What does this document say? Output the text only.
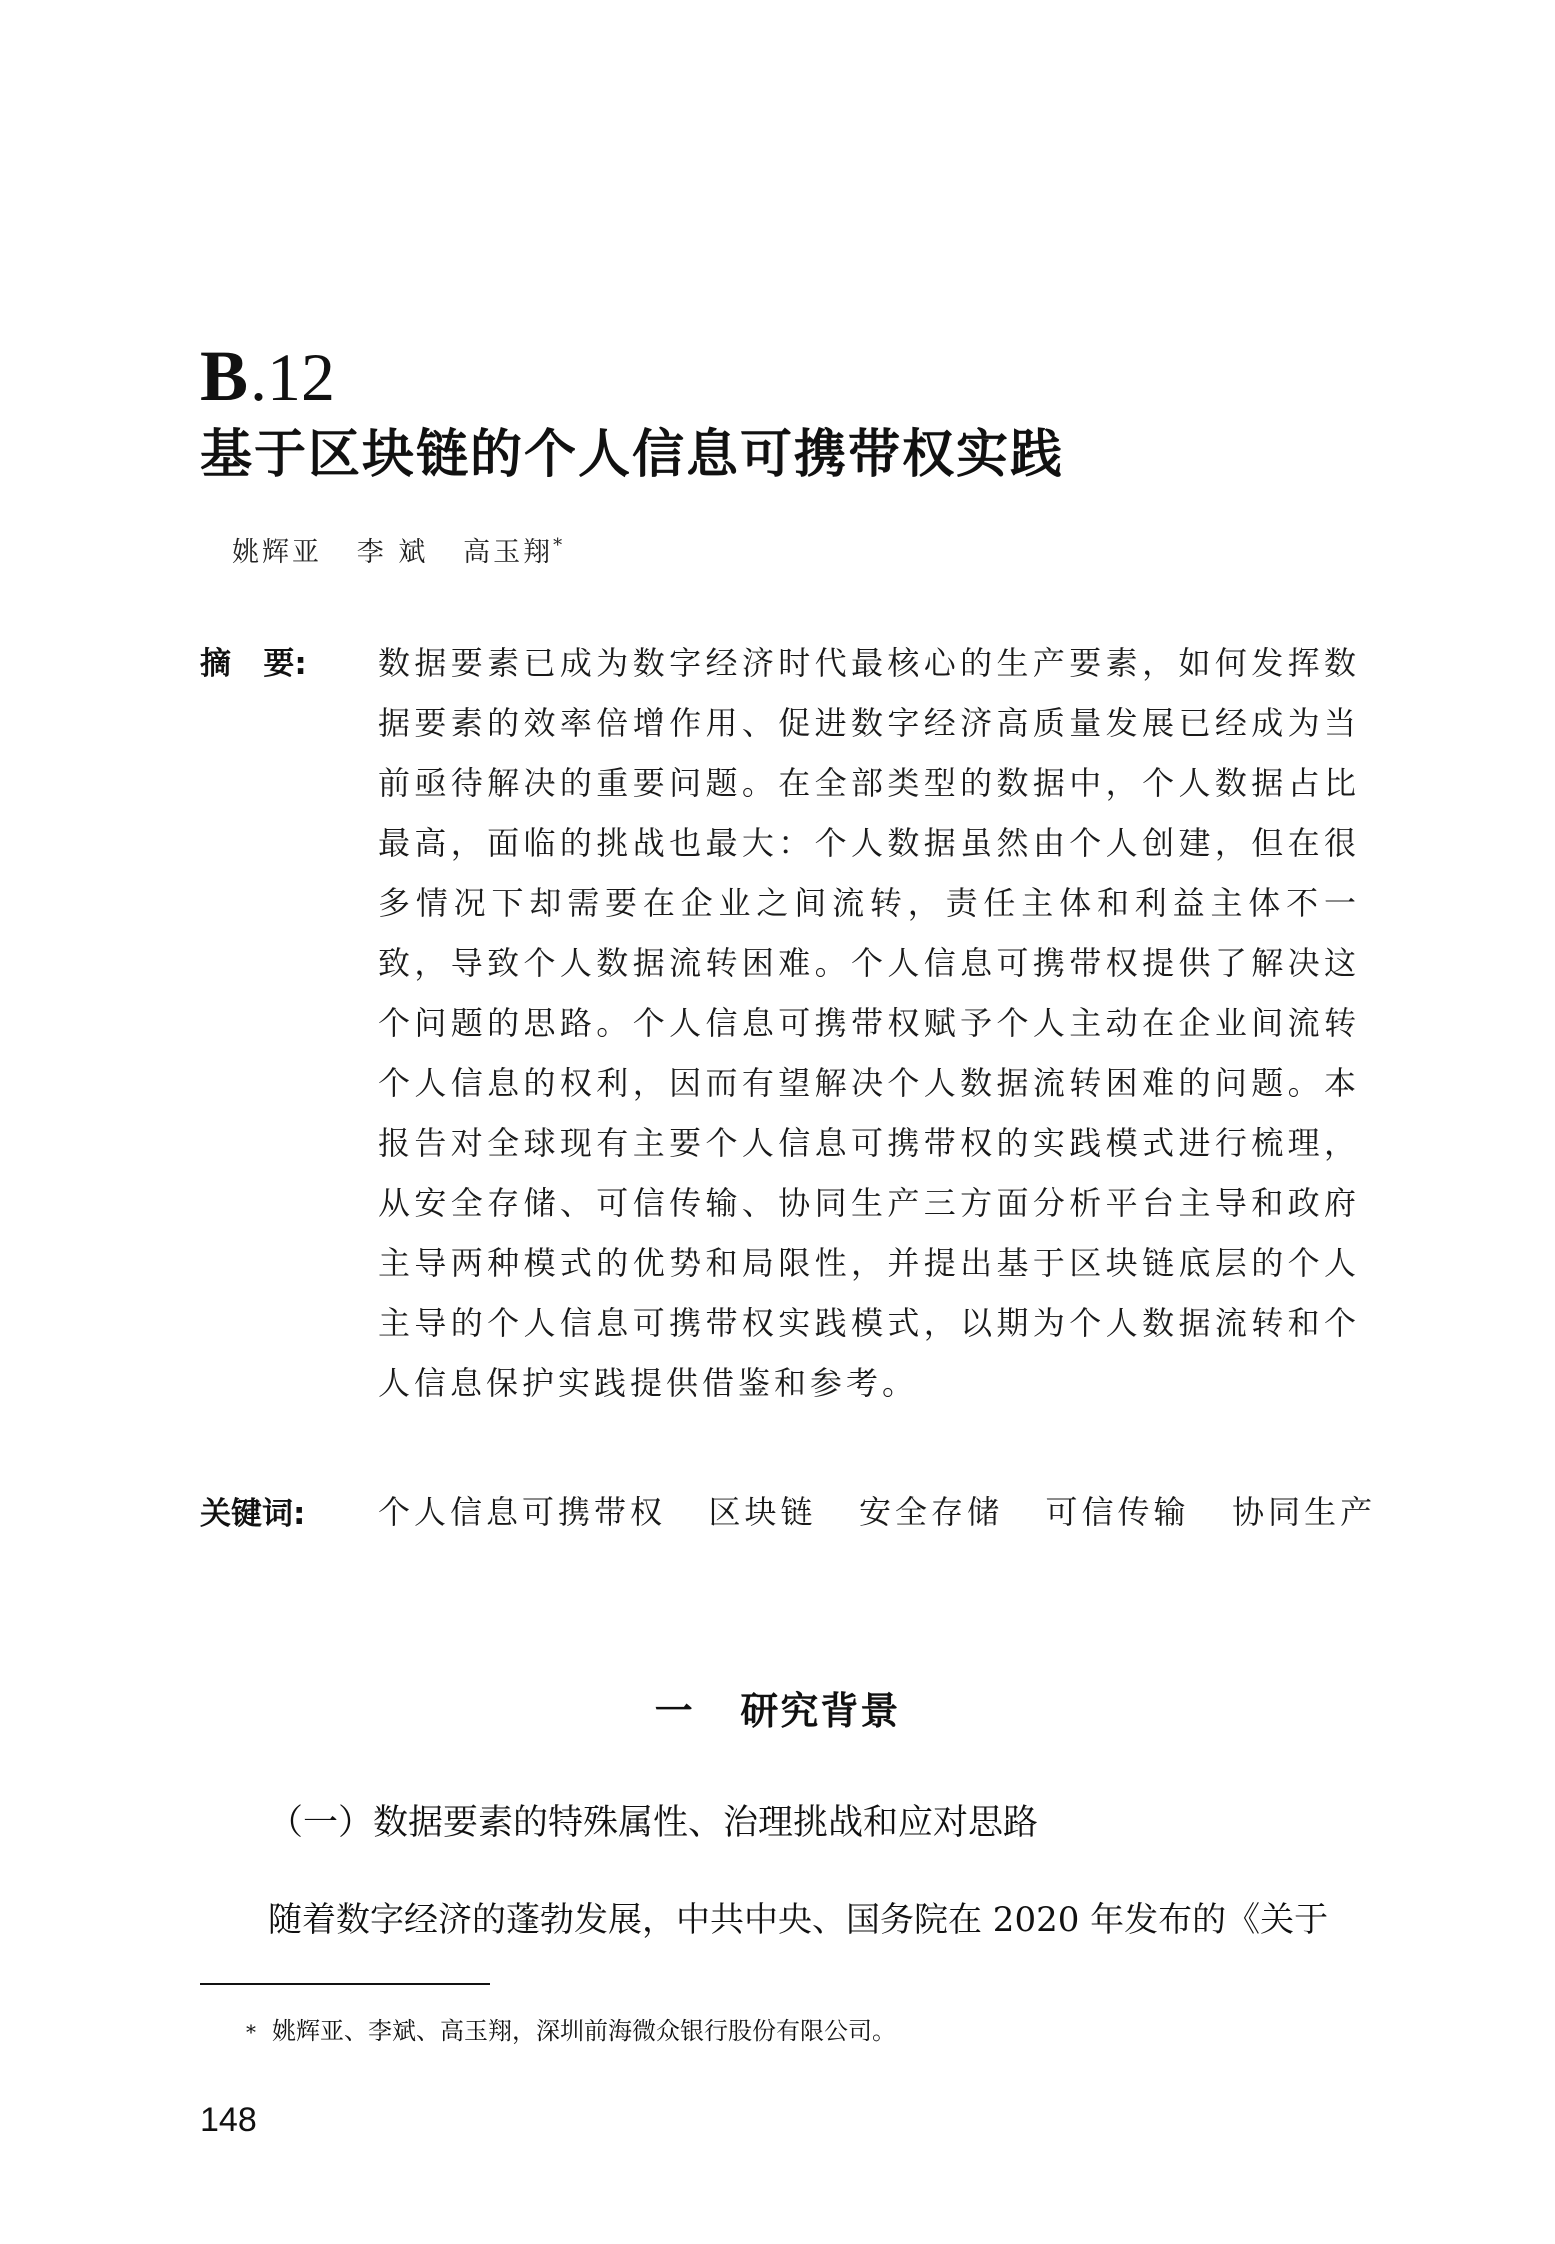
B.12
基于区块链的个人信息可携带权实践
姚辉亚   李 斌   高玉翔*
摘   要: 数据要素已成为数字经济时代最核心的生产要素，如何发挥数据要素的效率倍增作用、促进数字经济高质量发展已经成为当前亟待解决的重要问题。在全部类型的数据中，个人数据占比最高，面临的挑战也最大：个人数据虽然由个人创建，但在很多情况下却需要在企业之间流转，责任主体和利益主体不一致，导致个人数据流转困难。个人信息可携带权提供了解决这个问题的思路。个人信息可携带权赋予个人主动在企业间流转个人信息的权利，因而有望解决个人数据流转困难的问题。本报告对全球现有主要个人信息可携带权的实践模式进行梳理，从安全存储、可信传输、协同生产三方面分析平台主导和政府主导两种模式的优势和局限性，并提出基于区块链底层的个人主导的个人信息可携带权实践模式，以期为个人数据流转和个人信息保护实践提供借鉴和参考。
关键词: 个人信息可携带权   区块链   安全存储   可信传输   协同生产
一   研究背景
（一）数据要素的特殊属性、治理挑战和应对思路
随着数字经济的蓬勃发展，中共中央、国务院在 2020 年发布的《关于
* 姚辉亚、李斌、高玉翔，深圳前海微众银行股份有限公司。
148
